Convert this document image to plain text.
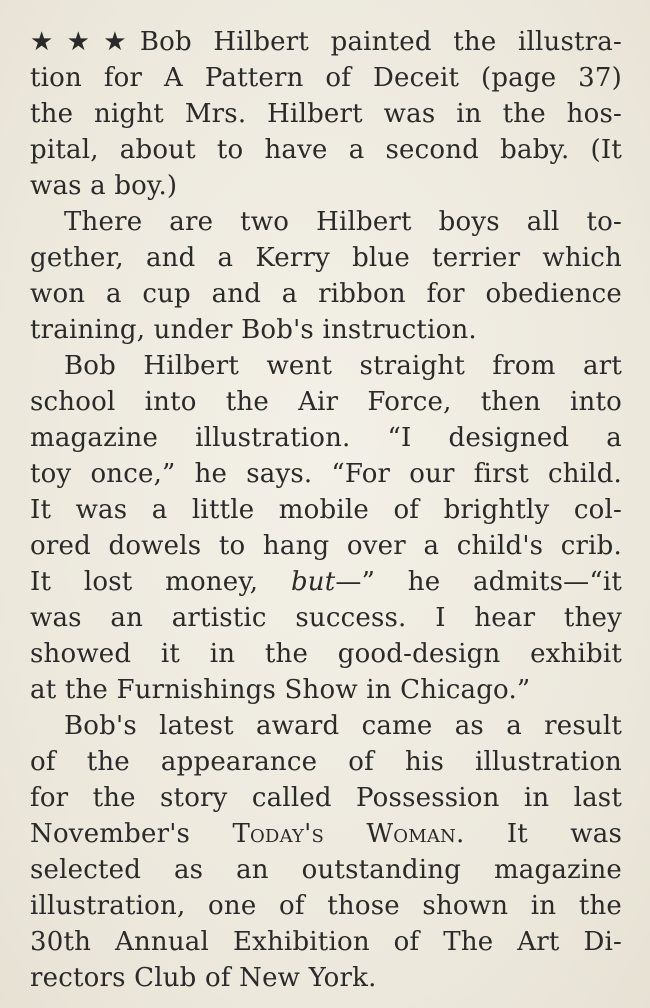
★★★Bob Hilbert painted the illustra-
tion for A Pattern of Deceit (page 37)
the night Mrs. Hilbert was in the hos-
pital, about to have a second baby. (It
was a boy.)

There are two Hilbert boys all to-
gether, and a Kerry blue terrier which
won a cup and a ribbon for obedience
training, under Bob's instruction.

Bob Hilbert went straight from art
school into the Air Force, then into
magazine illustration. “I designed a
toy once,” he says. “For our first child.
It was a little mobile of brightly col-
ored dowels to hang over a child's crib.
It lost money, but—” he admits—“it
was an artistic success. I hear they
showed it in the good-design exhibit
at the Furnishings Show in Chicago.”

Bob's latest award came as a result
of the appearance of his illustration
for the story called Possession in last
November's Today's Woman. It was
selected as an outstanding magazine
illustration, one of those shown in the
30th Annual Exhibition of The Art Di-
rectors Club of New York.
